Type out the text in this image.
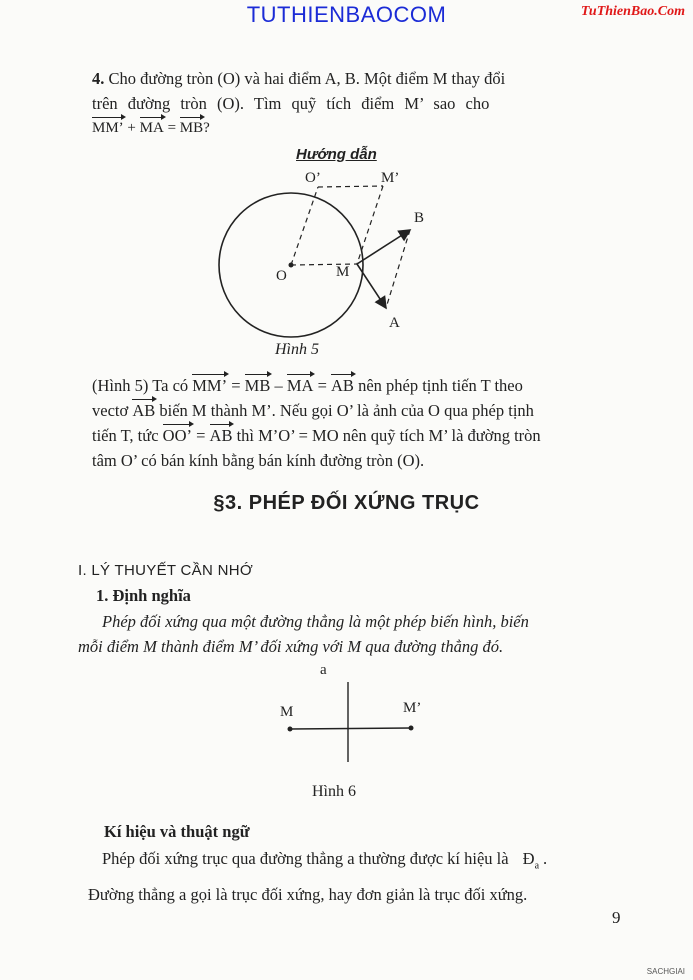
TUTHIENBAOCOM	TuThienBao.Com
4. Cho đường tròn (O) và hai điểm A, B. Một điểm M thay đổi
trên đường tròn (O). Tìm quỹ tích điểm M’ sao cho
MM’ + MA = MB?
Hướng dẫn
O’	M’
B
O	M
A
Hình 5
(Hình 5) Ta có MM’ = MB – MA = AB nên phép tịnh tiến T theo
vectơ AB biến M thành M’. Nếu gọi O’ là ảnh của O qua phép tịnh
tiến T, tức OO’ = AB thì M’O’ = MO nên quỹ tích M’ là đường tròn
tâm O’ có bán kính bằng bán kính đường tròn (O).
§3. PHÉP ĐỐI XỨNG TRỤC
I. LÝ THUYẾT CẦN NHỚ
1. Định nghĩa
Phép đối xứng qua một đường thẳng là một phép biến hình, biến
mỗi điểm M thành điểm M’ đối xứng với M qua đường thẳng đó.
a
M	M’
Hình 6
Kí hiệu và thuật ngữ
Phép đối xứng trục qua đường thẳng a thường được kí hiệu là $Đ_a$ .
Đường thẳng a gọi là trục đối xứng, hay đơn giản là trục đối xứng.
9
SACHGIAI
